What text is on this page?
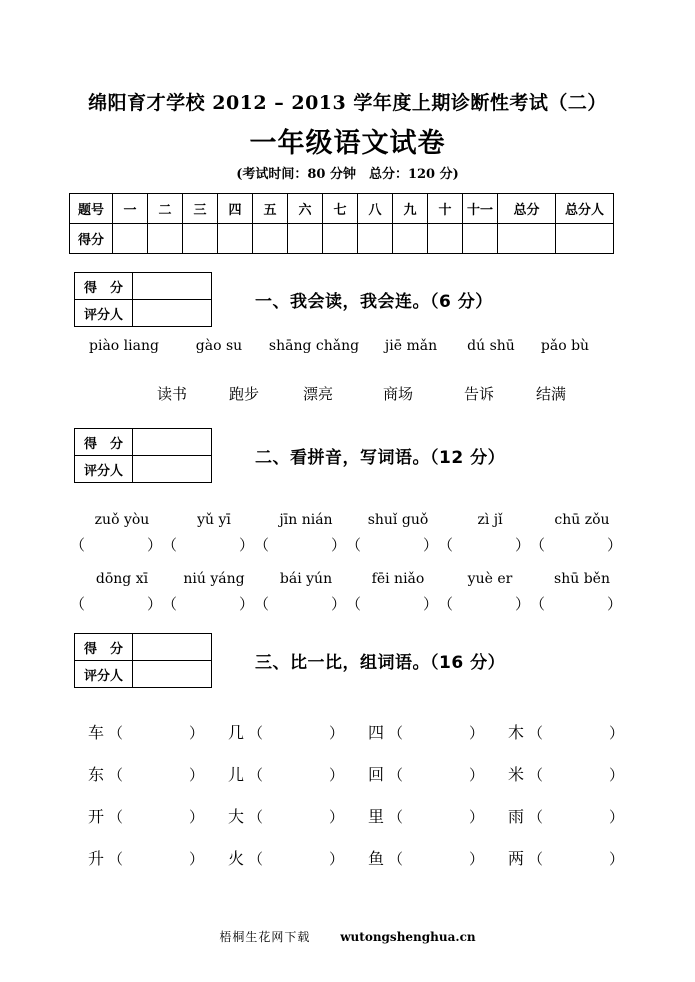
绵阳育才学校 2012 – 2013 学年度上期诊断性考试（二）
一年级语文试卷
(考试时间：80 分钟　总分：120 分)
题号	一	二	三	四	五	六	七	八	九	十	十一	总分	总分人
得分													
得　分	
评分人	
一、我会读，我会连。（6 分）
piào liang	gào su	shāng chǎng	jiē mǎn	dú shū	pǎo bù
读书	跑步	漂亮	商场	告诉	结满
得　分	
评分人	
二、看拼音，写词语。（12 分）
zuǒ yòu	yǔ yī	jīn nián	shuǐ guǒ	zì jǐ	chū zǒu
（	） （	） （	） （	） （	） （	）
dōng xī	niú yáng	bái yún	fēi niǎo	yuè er	shū běn
（	） （	） （	） （	） （	） （	）
得　分	
评分人	
三、比一比，组词语。（16 分）
车 （	） 几 （	） 四 （	） 木 （	）
东 （	） 儿 （	） 回 （	） 米 （	）
开 （	） 大 （	） 里 （	） 雨 （	）
升 （	） 火 （	） 鱼 （	） 两 （	）
梧桐生花网下载 wutongshenghua.cn
